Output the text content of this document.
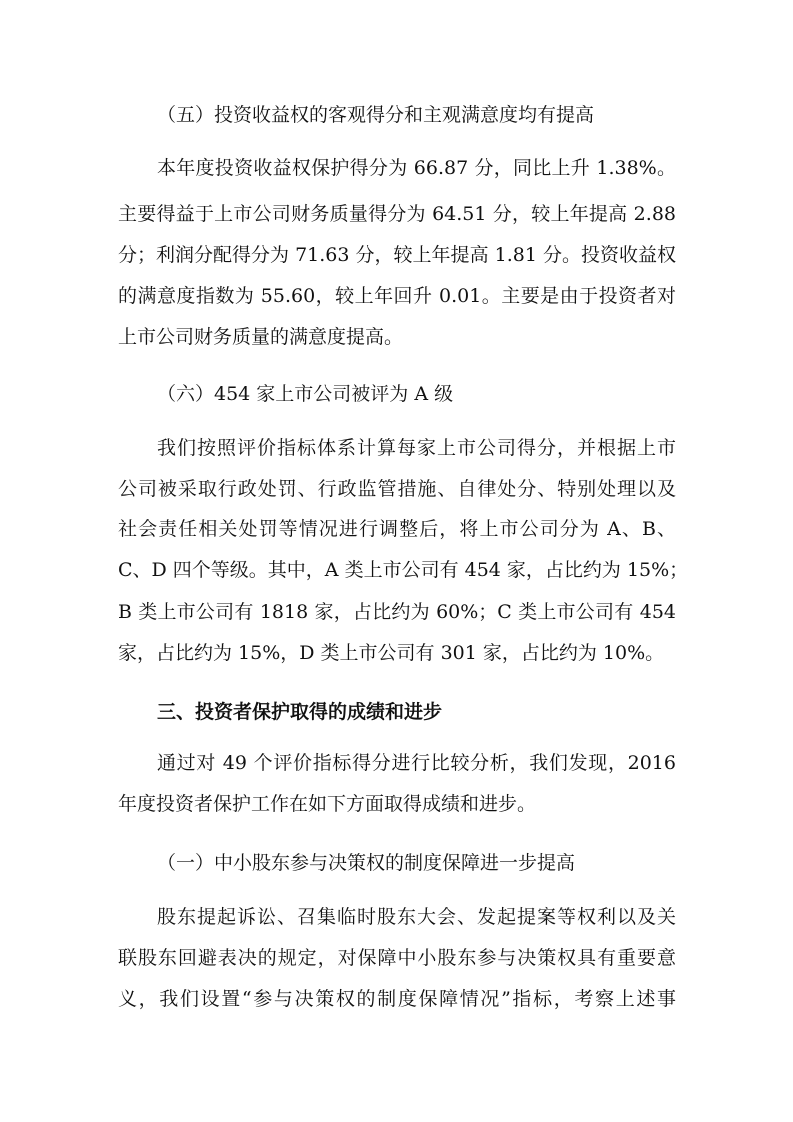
（五）投资收益权的客观得分和主观满意度均有提高
本年度投资收益权保护得分为 66.87 分，同比上升 1.38%。
主要得益于上市公司财务质量得分为 64.51 分，较上年提高 2.88
分；利润分配得分为 71.63 分，较上年提高 1.81 分。投资收益权
的满意度指数为 55.60，较上年回升 0.01。主要是由于投资者对
上市公司财务质量的满意度提高。
（六）454 家上市公司被评为 A 级
我们按照评价指标体系计算每家上市公司得分，并根据上市
公司被采取行政处罚、行政监管措施、自律处分、特别处理以及
社会责任相关处罚等情况进行调整后，将上市公司分为 A、B、
C、D 四个等级。其中，A 类上市公司有 454 家，占比约为 15%；
B 类上市公司有 1818 家，占比约为 60%；C 类上市公司有 454
家，占比约为 15%，D 类上市公司有 301 家，占比约为 10%。
三、投资者保护取得的成绩和进步
通过对 49 个评价指标得分进行比较分析，我们发现，2016
年度投资者保护工作在如下方面取得成绩和进步。
（一）中小股东参与决策权的制度保障进一步提高
股东提起诉讼、召集临时股东大会、发起提案等权利以及关
联股东回避表决的规定，对保障中小股东参与决策权具有重要意
义，我们设置“参与决策权的制度保障情况”指标，考察上述事
